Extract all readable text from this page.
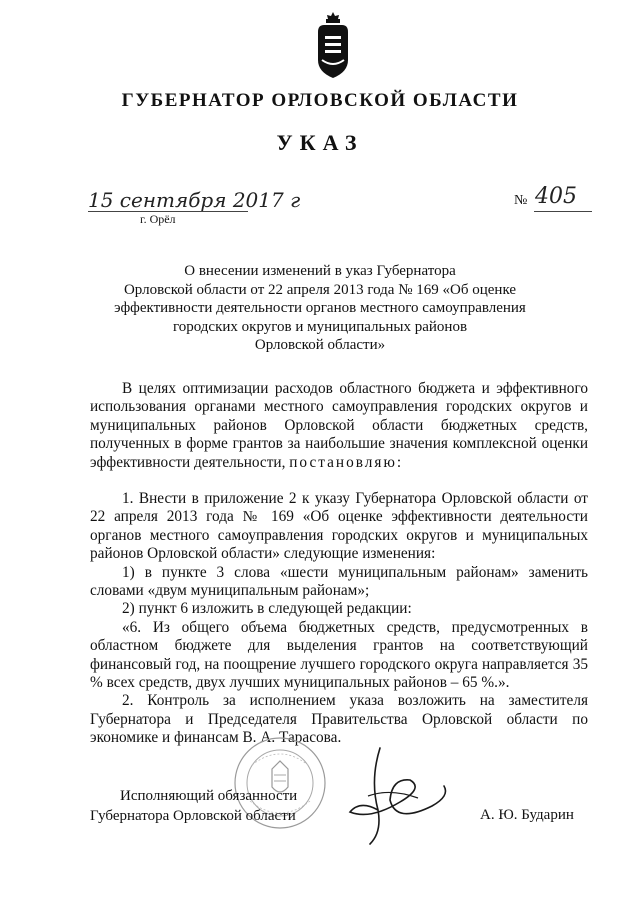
ГУБЕРНАТОР ОРЛОВСКОЙ ОБЛАСТИ
УКАЗ
15 сентября 2017 г
г. Орёл
№ 405
О внесении изменений в указ Губернатора
Орловской области от 22 апреля 2013 года № 169 «Об оценке
эффективности деятельности органов местного самоуправления
городских округов и муниципальных районов
Орловской области»

В целях оптимизации расходов областного бюджета и эффективного использования органами местного самоуправления городских округов и муниципальных районов Орловской области бюджетных средств, полученных в форме грантов за наибольшие значения комплексной оценки эффективности деятельности, постановляю:

1. Внести в приложение 2 к указу Губернатора Орловской области от 22 апреля 2013 года № 169 «Об оценке эффективности деятельности органов местного самоуправления городских округов и муниципальных районов Орловской области» следующие изменения:

1) в пункте 3 слова «шести муниципальным районам» заменить словами «двум муниципальным районам»;

2) пункт 6 изложить в следующей редакции:

«6. Из общего объема бюджетных средств, предусмотренных в областном бюджете для выделения грантов на соответствующий финансовый год, на поощрение лучшего городского округа направляется 35 % всех средств, двух лучших муниципальных районов – 65 %.».

2. Контроль за исполнением указа возложить на заместителя Губернатора и Председателя Правительства Орловской области по экономике и финансам В. А. Тарасова.

Исполняющий обязанности
Губернатора Орловской области	А. Ю. Бударин
